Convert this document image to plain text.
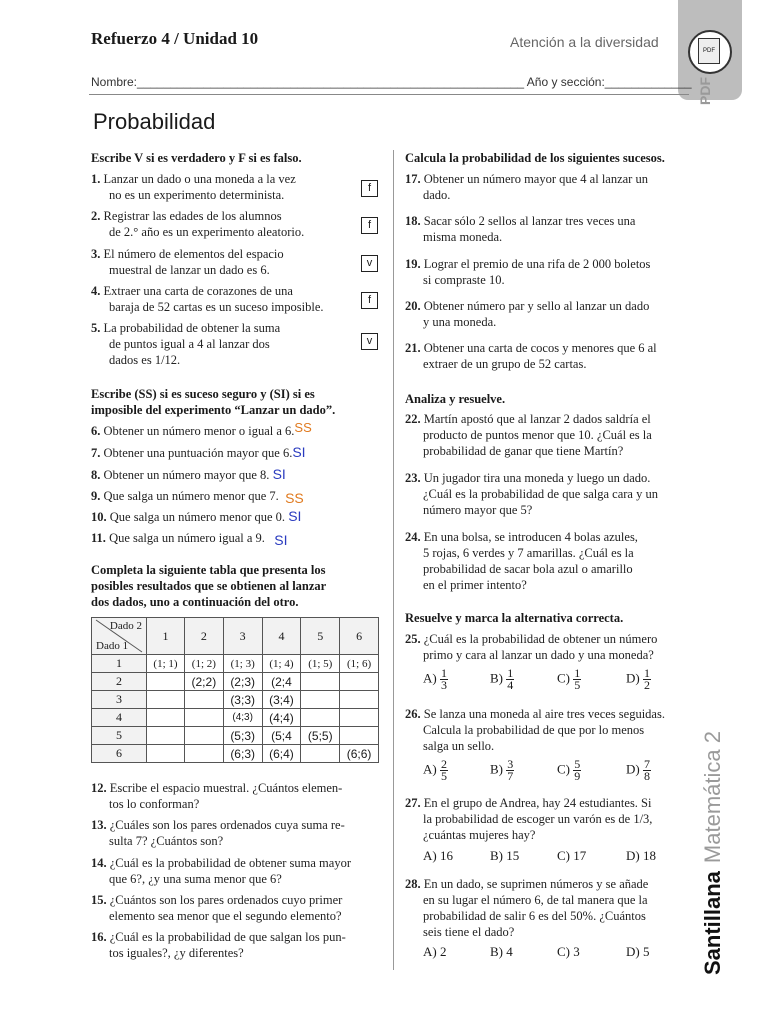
PDF
PDF
SantillanaMatemática 2
Refuerzo 4 / Unidad 10	Atención a la diversidad
Nombre:__________________________________________________________ Año y sección:_____________
Probabilidad
Escribe V si es verdadero y F si es falso.
1. Lanzar un dado o una moneda a la vez
no es un experimento determinista.	f
2. Registrar las edades de los alumnos
de 2.° año es un experimento aleatorio.	f
3. El número de elementos del espacio
muestral de lanzar un dado es 6.	v
4. Extraer una carta de corazones de una
baraja de 52 cartas es un suceso imposible.	f
5. La probabilidad de obtener la suma
de puntos igual a 4 al lanzar dos
dados es 1/12.
v
Escribe (SS) si es suceso seguro y (SI) si es
imposible del experimento “Lanzar un dado”.
6. Obtener un número menor o igual a 6.SS
7. Obtener una puntuación mayor que 6.SI
8. Obtener un número mayor que 8. SI
9. Que salga un número menor que 7. SS
10. Que salga un número menor que 0. SI
11. Que salga un número igual a 9. SI
Completa la siguiente tabla que presenta los
posibles resultados que se obtienen al lanzar
dos dados, uno a continuación del otro.
Dado 2
Dado 1	1	2	3	4	5	6
1	(1; 1)	(1; 2)	(1; 3)	(1; 4)	(1; 5)	(1; 6)
2		(2;2)	(2;3)	(2;4		
3			(3;3)	(3;4)		
4			(4;3)	(4;4)		
5			(5;3)	(5;4	(5;5)	
6			(6;3)	(6;4)		(6;6)
12. Escribe el espacio muestral. ¿Cuántos elemen-
tos lo conforman?
13. ¿Cuáles son los pares ordenados cuya suma re-
sulta 7? ¿Cuántos son?
14. ¿Cuál es la probabilidad de obtener suma mayor
que 6?, ¿y una suma menor que 6?
15. ¿Cuántos son los pares ordenados cuyo primer
elemento sea menor que el segundo elemento?
16. ¿Cuál es la probabilidad de que salgan los pun-
tos iguales?, ¿y diferentes?
Calcula la probabilidad de los siguientes sucesos.
17. Obtener un número mayor que 4 al lanzar un
dado.
18. Sacar sólo 2 sellos al lanzar tres veces una
misma moneda.
19. Lograr el premio de una rifa de 2 000 boletos
si compraste 10.
20. Obtener número par y sello al lanzar un dado
y una moneda.
21. Obtener una carta de cocos y menores que 6 al
extraer de un grupo de 52 cartas.
Analiza y resuelve.
22. Martín apostó que al lanzar 2 dados saldría el
producto de puntos menor que 10. ¿Cuál es la
probabilidad de ganar que tiene Martín?
23. Un jugador tira una moneda y luego un dado.
¿Cuál es la probabilidad de que salga cara y un
número mayor que 5?
24. En una bolsa, se introducen 4 bolas azules,
5 rojas, 6 verdes y 7 amarillas. ¿Cuál es la
probabilidad de sacar bola azul o amarillo
en el primer intento?
Resuelve y marca la alternativa correcta.
25. ¿Cuál es la probabilidad de obtener un número
primo y cara al lanzar un dado y una moneda?
$A) \frac{1}{3}$	$B) \frac{1}{4}$	$C) \frac{1}{5}$	$D) \frac{1}{2}$
26. Se lanza una moneda al aire tres veces seguidas.
Calcula la probabilidad de que por lo menos
salga un sello.
$A) \frac{2}{5}$	$B) \frac{3}{7}$	$C) \frac{5}{9}$	$D) \frac{7}{8}$
27. En el grupo de Andrea, hay 24 estudiantes. Si
la probabilidad de escoger un varón es de 1/3,
¿cuántas mujeres hay?
A) 16	B) 15	C) 17	D) 18
28. En un dado, se suprimen números y se añade
en su lugar el número 6, de tal manera que la
probabilidad de salir 6 es del 50%. ¿Cuántos
seis tiene el dado?
A) 2	B) 4	C) 3	D) 5
